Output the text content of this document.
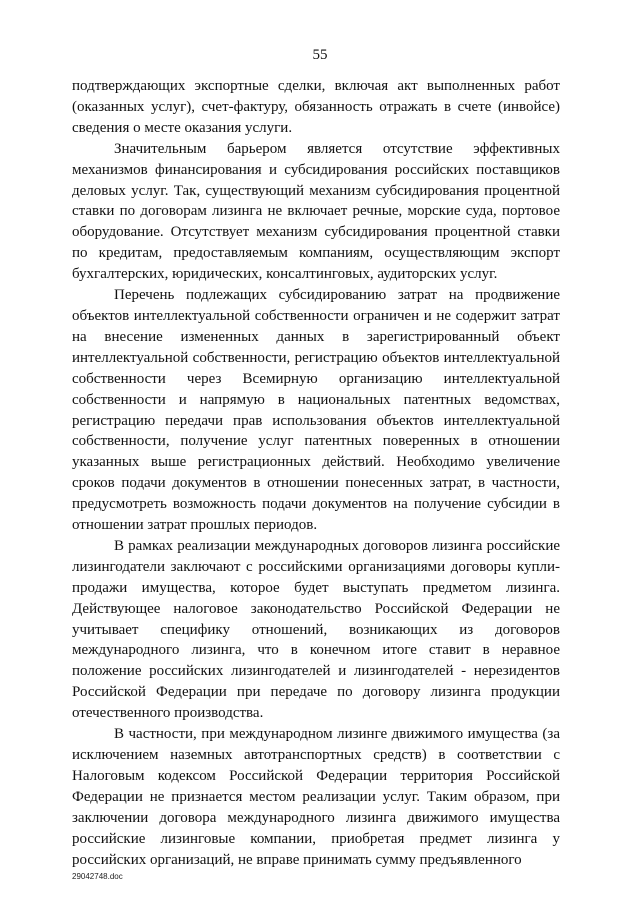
55

подтверждающих экспортные сделки, включая акт выполненных работ (оказанных услуг), счет-фактуру, обязанность отражать в счете (инвойсе) сведения о месте оказания услуги.

Значительным барьером является отсутствие эффективных механизмов финансирования и субсидирования российских поставщиков деловых услуг. Так, существующий механизм субсидирования процентной ставки по договорам лизинга не включает речные, морские суда, портовое оборудование. Отсутствует механизм субсидирования процентной ставки по кредитам, предоставляемым компаниям, осуществляющим экспорт бухгалтерских, юридических, консалтинговых, аудиторских услуг.

Перечень подлежащих субсидированию затрат на продвижение объектов интеллектуальной собственности ограничен и не содержит затрат на внесение измененных данных в зарегистрированный объект интеллектуальной собственности, регистрацию объектов интеллектуальной собственности через Всемирную организацию интеллектуальной собственности и напрямую в национальных патентных ведомствах, регистрацию передачи прав использования объектов интеллектуальной собственности, получение услуг патентных поверенных в отношении указанных выше регистрационных действий. Необходимо увеличение сроков подачи документов в отношении понесенных затрат, в частности, предусмотреть возможность подачи документов на получение субсидии в отношении затрат прошлых периодов.

В рамках реализации международных договоров лизинга российские лизингодатели заключают с российскими организациями договоры купли-продажи имущества, которое будет выступать предметом лизинга. Действующее налоговое законодательство Российской Федерации не учитывает специфику отношений, возникающих из договоров международного лизинга, что в конечном итоге ставит в неравное положение российских лизингодателей и лизингодателей - нерезидентов Российской Федерации при передаче по договору лизинга продукции отечественного производства.

В частности, при международном лизинге движимого имущества (за исключением наземных автотранспортных средств) в соответствии с Налоговым кодексом Российской Федерации территория Российской Федерации не признается местом реализации услуг. Таким образом, при заключении договора международного лизинга движимого имущества российские лизинговые компании, приобретая предмет лизинга у российских организаций, не вправе принимать сумму предъявленного

29042748.doc
